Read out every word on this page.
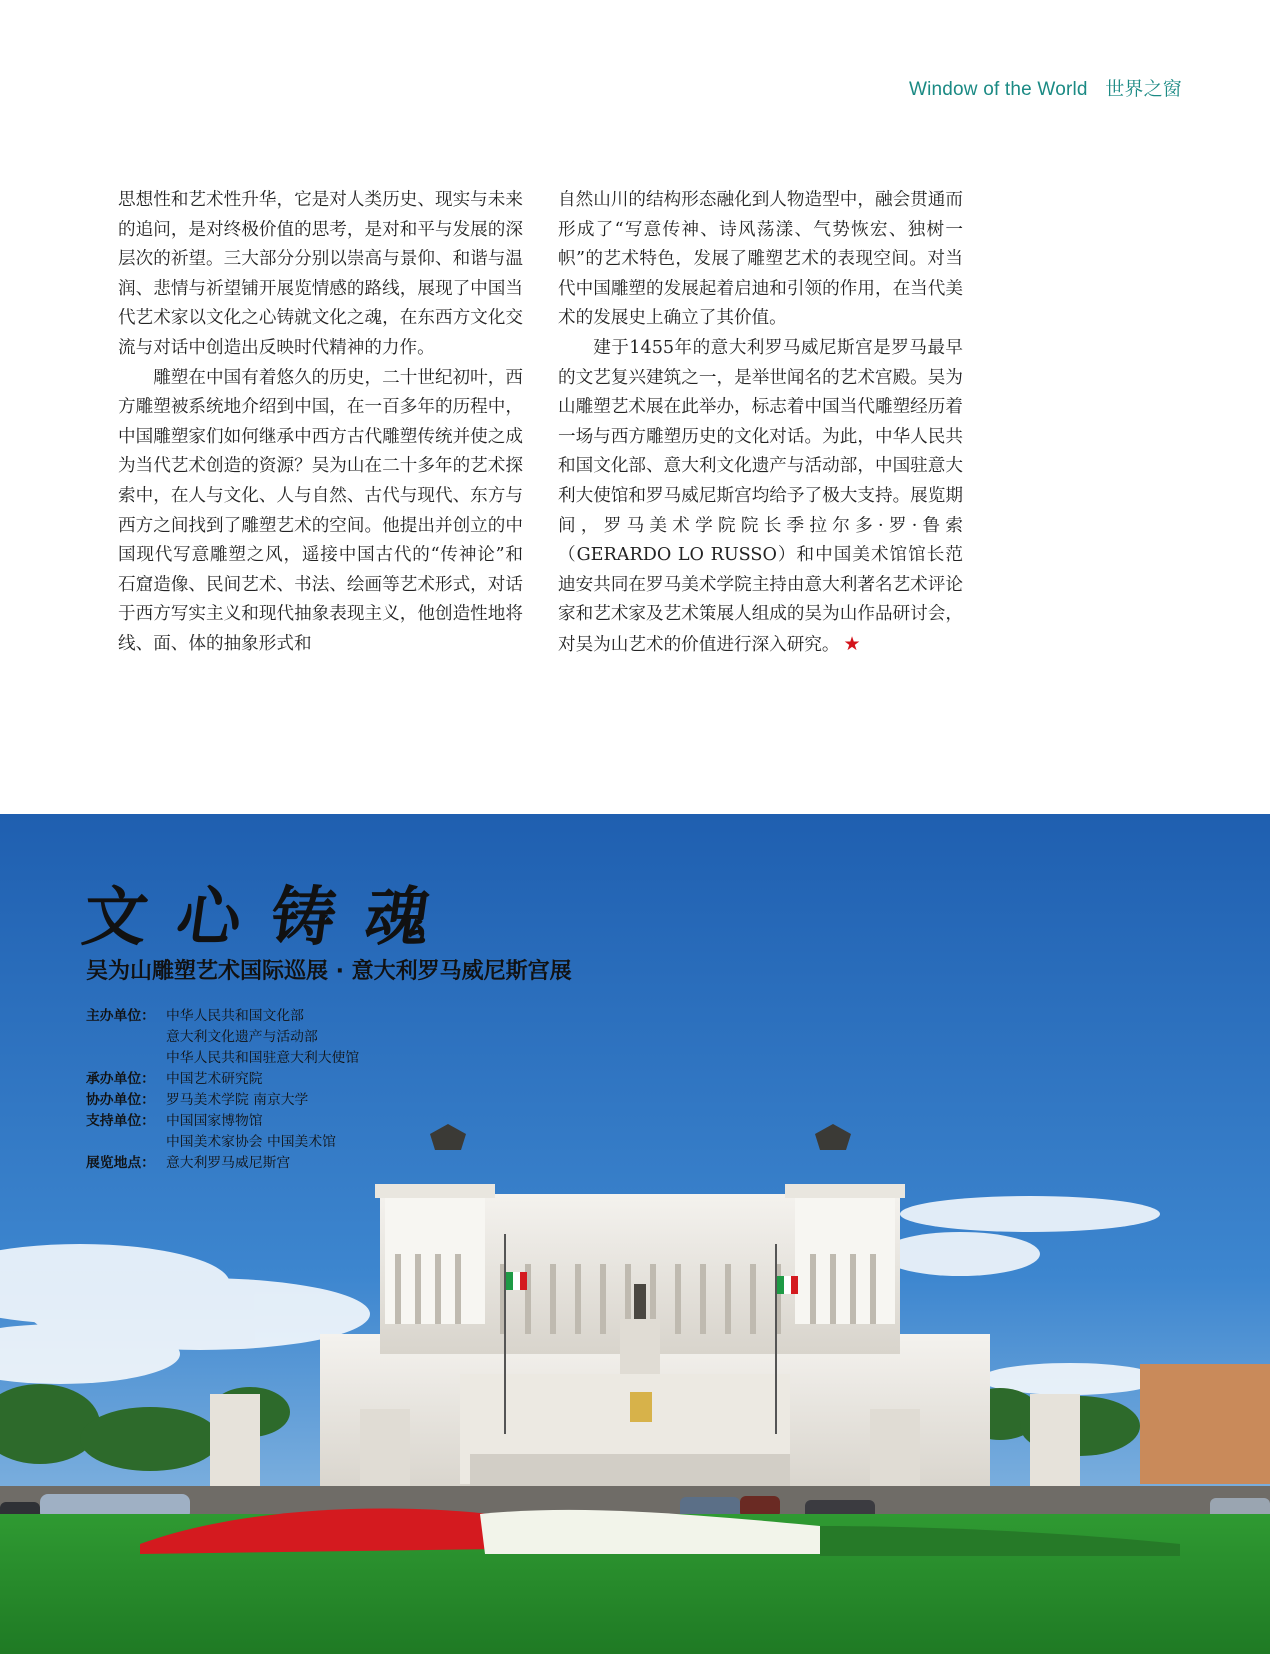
Window of the World 世界之窗

思想性和艺术性升华，它是对人类历史、现实与未来的追问，是对终极价值的思考，是对和平与发展的深层次的祈望。三大部分分别以崇高与景仰、和谐与温润、悲情与祈望铺开展览情感的路线，展现了中国当代艺术家以文化之心铸就文化之魂，在东西方文化交流与对话中创造出反映时代精神的力作。

雕塑在中国有着悠久的历史，二十世纪初叶，西方雕塑被系统地介绍到中国，在一百多年的历程中，中国雕塑家们如何继承中西方古代雕塑传统并使之成为当代艺术创造的资源？吴为山在二十多年的艺术探索中，在人与文化、人与自然、古代与现代、东方与西方之间找到了雕塑艺术的空间。他提出并创立的中国现代写意雕塑之风，遥接中国古代的“传神论”和石窟造像、民间艺术、书法、绘画等艺术形式，对话于西方写实主义和现代抽象表现主义，他创造性地将线、面、体的抽象形式和

自然山川的结构形态融化到人物造型中，融会贯通而形成了“写意传神、诗风荡漾、气势恢宏、独树一帜”的艺术特色，发展了雕塑艺术的表现空间。对当代中国雕塑的发展起着启迪和引领的作用，在当代美术的发展史上确立了其价值。

建于1455年的意大利罗马威尼斯宫是罗马最早的文艺复兴建筑之一，是举世闻名的艺术宫殿。吴为山雕塑艺术展在此举办，标志着中国当代雕塑经历着一场与西方雕塑历史的文化对话。为此，中华人民共和国文化部、意大利文化遗产与活动部，中国驻意大利大使馆和罗马威尼斯宫均给予了极大支持。展览期间，罗马美术学院院长季拉尔多·罗·鲁索（GERARDO LO RUSSO）和中国美术馆馆长范迪安共同在罗马美术学院主持由意大利著名艺术评论家和艺术家及艺术策展人组成的吴为山作品研讨会，对吴为山艺术的价值进行深入研究。 ★

文心铸魂
吴为山雕塑艺术国际巡展 · 意大利罗马威尼斯宫展
主办单位： 中华人民共和国文化部
意大利文化遗产与活动部
中华人民共和国驻意大利大使馆
承办单位： 中国艺术研究院
协办单位： 罗马美术学院 南京大学
支持单位： 中国国家博物馆
中国美术家协会 中国美术馆
展览地点： 意大利罗马威尼斯宫
